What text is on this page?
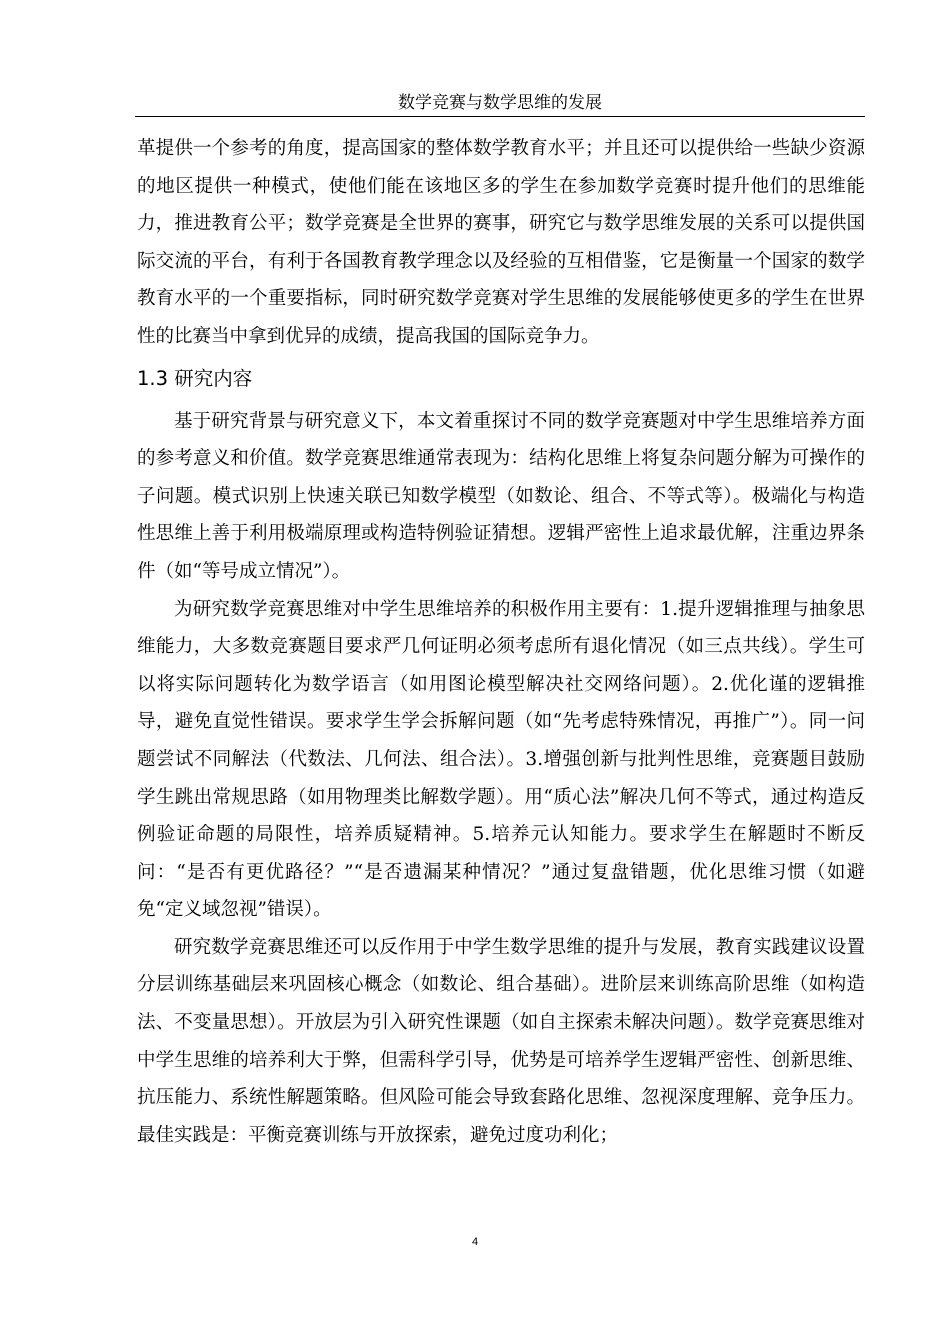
数学竞赛与数学思维的发展

革提供一个参考的角度，提高国家的整体数学教育水平；并且还可以提供给一些缺少资源的地区提供一种模式，使他们能在该地区多的学生在参加数学竞赛时提升他们的思维能力，推进教育公平；数学竞赛是全世界的赛事，研究它与数学思维发展的关系可以提供国际交流的平台，有利于各国教育教学理念以及经验的互相借鉴，它是衡量一个国家的数学教育水平的一个重要指标，同时研究数学竞赛对学生思维的发展能够使更多的学生在世界性的比赛当中拿到优异的成绩，提高我国的国际竞争力。

1.3 研究内容

基于研究背景与研究意义下，本文着重探讨不同的数学竞赛题对中学生思维培养方面的参考意义和价值。数学竞赛思维通常表现为：结构化思维上将复杂问题分解为可操作的子问题。模式识别上快速关联已知数学模型（如数论、组合、不等式等）。极端化与构造性思维上善于利用极端原理或构造特例验证猜想。逻辑严密性上追求最优解，注重边界条件（如“等号成立情况”）。

为研究数学竞赛思维对中学生思维培养的积极作用主要有：1.提升逻辑推理与抽象思维能力，大多数竞赛题目要求严几何证明必须考虑所有退化情况（如三点共线）。学生可以将实际问题转化为数学语言（如用图论模型解决社交网络问题）。2.优化谨的逻辑推导，避免直觉性错误。要求学生学会拆解问题（如“先考虑特殊情况，再推广”）。同一问题尝试不同解法（代数法、几何法、组合法）。3.增强创新与批判性思维，竞赛题目鼓励学生跳出常规思路（如用物理类比解数学题）。用“质心法”解决几何不等式，通过构造反例验证命题的局限性，培养质疑精神。5.培养元认知能力。要求学生在解题时不断反问：“是否有更优路径？”“是否遗漏某种情况？”通过复盘错题，优化思维习惯（如避免“定义域忽视”错误）。

研究数学竞赛思维还可以反作用于中学生数学思维的提升与发展，教育实践建议设置分层训练基础层来巩固核心概念（如数论、组合基础）。进阶层来训练高阶思维（如构造法、不变量思想）。开放层为引入研究性课题（如自主探索未解决问题）。数学竞赛思维对中学生思维的培养利大于弊，但需科学引导，优势是可培养学生逻辑严密性、创新思维、抗压能力、系统性解题策略。但风险可能会导致套路化思维、忽视深度理解、竞争压力。最佳实践是：平衡竞赛训练与开放探索，避免过度功利化；

4
